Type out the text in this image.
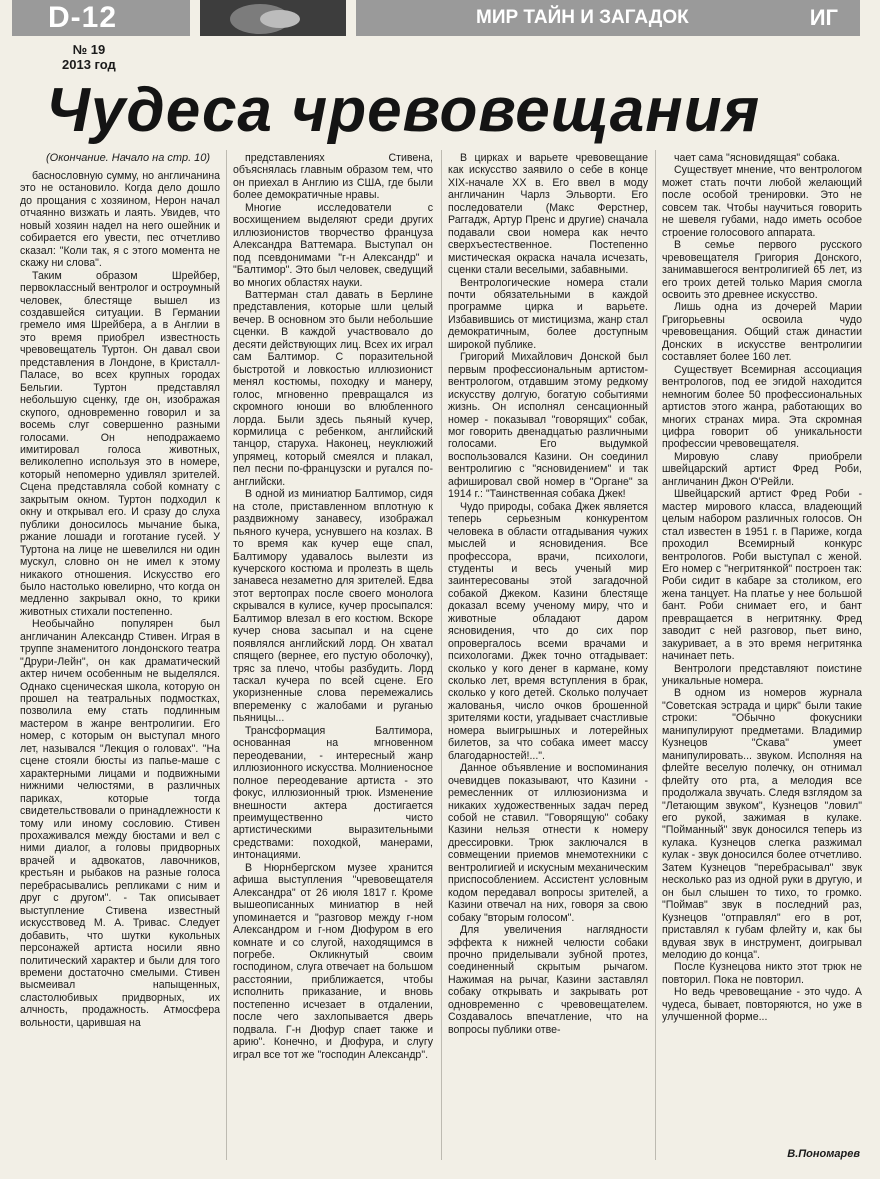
D-12	МИР ТАЙН И ЗАГАДОК	ИГ
№ 19
2013 год
Чудеса чревовещания
(Окончание. Начало на стр. 10)

баснословную сумму, но англичанина это не остановило. Когда дело дошло до прощания с хозяином, Нерон начал отчаянно визжать и лаять. Увидев, что новый хозяин надел на него ошейник и собирается его увести, пес отчетливо сказал: "Коли так, я с этого момента не скажу ни слова".

Таким образом Шрейбер, первоклассный вентролог и остроумный человек, блестяще вышел из создавшейся ситуации. В Германии гремело имя Шрейбера, а в Англии в это время приобрел известность чревовещатель Туртон. Он давал свои представления в Лондоне, в Кристалл-Паласе, во всех крупных городах Бельгии. Туртон представлял небольшую сценку, где он, изображая скупого, одновременно говорил и за восемь слуг совершенно разными голосами. Он неподражаемо имитировал голоса животных, великолепно используя это в номере, который непомерно удивлял зрителей. Сцена представляла собой комнату с закрытым окном. Туртон подходил к окну и открывал его. И сразу до слуха публики доносилось мычание быка, ржание лошади и гоготание гусей. У Туртона на лице не шевелился ни один мускул, словно он не имел к этому никакого отношения. Искусство его было настолько ювелирно, что когда он медленно закрывал окно, то крики животных стихали постепенно.

Необычайно популярен был англичанин Александр Стивен. Играя в труппе знаменитого лондонского театра "Друри-Лейн", он как драматический актер ничем особенным не выделялся. Однако сценическая школа, которую он прошел на театральных подмостках, позволила ему стать подлинным мастером в жанре вентролигии. Его номер, с которым он выступал много лет, назывался "Лекция о головах". "На сцене стояли бюсты из папье-маше с характерными лицами и подвижными нижними челюстями, в различных париках, которые тогда свидетельствовали о принадлежности к тому или иному сословию. Стивен прохаживался между бюстами и вел с ними диалог, а головы придворных врачей и адвокатов, лавочников, крестьян и рыбаков на разные голоса перебрасывались репликами с ним и друг с другом". - Так описывает выступление Стивена известный искусствовед М. А. Тривас. Следует добавить, что шутки кукольных персонажей артиста носили явно политический характер и были для того времени достаточно смелыми. Стивен высмеивал напыщенных, сластолюбивых придворных, их алчность, продажность. Атмосфера вольности, царившая на

представлениях Стивена, объяснялась главным образом тем, что он приехал в Англию из США, где были более демократичные нравы.

Многие исследователи с восхищением выделяют среди других иллюзионистов творчество француза Александра Ваттемара. Выступал он под псевдонимами "г-н Александр" и "Балтимор". Это был человек, сведущий во многих областях науки.

Ваттерман стал давать в Берлине представления, которые шли целый вечер. В основном это были небольшие сценки. В каждой участвовало до десяти действующих лиц. Всех их играл сам Балтимор. С поразительной быстротой и ловкостью иллюзионист менял костюмы, походку и манеру, голос, мгновенно превращался из скромного юноши во влюбленного лорда. Были здесь пьяный кучер, кормилица с ребенком, английский танцор, старуха. Наконец, неуклюжий упрямец, который смеялся и плакал, пел песни по-французски и ругался по-английски.

В одной из миниатюр Балтимор, сидя на столе, приставленном вплотную к раздвижному занавесу, изображал пьяного кучера, уснувшего на козлах. В то время как кучер еще спал, Балтимору удавалось вылезти из кучерского костюма и пролезть в щель занавеса незаметно для зрителей. Едва этот вертопрах после своего монолога скрывался в кулисе, кучер просыпался: Балтимор влезал в его костюм. Вскоре кучер снова засыпал и на сцене появлялся английский лорд. Он хватал спящего (вернее, его пустую оболочку), тряс за плечо, чтобы разбудить. Лорд таскал кучера по всей сцене. Его укоризненные слова перемежались впеременку с жалобами и руганью пьяницы...

Трансформация Балтимора, основанная на мгновенном переодевании, - интересный жанр иллюзионного искусства. Молниеносное полное переодевание артиста - это фокус, иллюзионный трюк. Изменение внешности актера достигается преимущественно чисто артистическими выразительными средствами: походкой, манерами, интонациями.

В Нюрнбергском музее хранится афиша выступления "чревовещателя Александра" от 26 июля 1817 г. Кроме вышеописанных миниатюр в ней упоминается и "разговор между г-ном Александром и г-ном Дюфуром в его комнате и со слугой, находящимся в погребе. Окликнутый своим господином, слуга отвечает на большом расстоянии, приближается, чтобы исполнить приказание, и вновь постепенно исчезает в отдалении, после чего захлопывается дверь подвала. Г-н Дюфур спает также и арию". Конечно, и Дюфура, и слугу играл все тот же "господин Александр".

В цирках и варьете чревовещание как искусство заявило о себе в конце XIX-начале XX в. Его ввел в моду англичанин Чарлз Эльворти. Его последователи (Макс Ферстнер, Раггадж, Артур Пренс и другие) сначала подавали свои номера как нечто сверхъестественное. Постепенно мистическая окраска начала исчезать, сценки стали веселыми, забавными.

Вентрологические номера стали почти обязательными в каждой программе цирка и варьете. Избавившись от мистицизма, жанр стал демократичным, более доступным широкой публике.

Григорий Михайлович Донской был первым профессиональным артистом-вентрологом, отдавшим этому редкому искусству долгую, богатую событиями жизнь. Он исполнял сенсационный номер - показывал "говорящих" собак, мог говорить двенадцатью различными голосами. Его выдумкой воспользовался Казини. Он соединил вентролигию с "ясновидением" и так афишировал свой номер в "Органе" за 1914 г.: "Таинственная собака Джек!

Чудо природы, собака Джек является теперь серьезным конкурентом человека в области отгадывания чужих мыслей и ясновидения. Все профессора, врачи, психологи, студенты и весь ученый мир заинтересованы этой загадочной собакой Джеком. Казини блестяще доказал всему ученому миру, что и животные обладают даром ясновидения, что до сих пор опровергалось всеми врачами и психологами. Джек точно отгадывает: сколько у кого денег в кармане, кому сколько лет, время вступления в брак, сколько у кого детей. Сколько получает жалованья, число очков брошенной зрителями кости, угадывает счастливые номера выигрышных и лотерейных билетов, за что собака имеет массу благодарностей!...".

Данное объявление и воспоминания очевидцев показывают, что Казини - ремесленник от иллюзионизма и никаких художественных задач перед собой не ставил. "Говорящую" собаку Казини нельзя отнести к номеру дрессировки. Трюк заключался в совмещении приемов мнемотехники с вентролигией и искусным механическим приспособлением. Ассистент условным кодом передавал вопросы зрителей, а Казини отвечал на них, говоря за свою собаку "вторым голосом".

Для увеличения наглядности эффекта к нижней челюсти собаки прочно приделывали зубной протез, соединенный скрытым рычагом. Нажимая на рычаг, Казини заставлял собаку открывать и закрывать рот одновременно с чревовещателем. Создавалось впечатление, что на вопросы публики отве-

чает сама "ясновидящая" собака.

Существует мнение, что вентрологом может стать почти любой желающий после особой тренировки. Это не совсем так. Чтобы научиться говорить не шевеля губами, надо иметь особое строение голосового аппарата.

В семье первого русского чревовещателя Григория Донского, занимавшегося вентролигией 65 лет, из его троих детей только Мария смогла освоить это древнее искусство.

Лишь одна из дочерей Марии Григорьевны освоила чудо чревовещания. Общий стаж династии Донских в искусстве вентролигии составляет более 160 лет.

Существует Всемирная ассоциация вентрологов, под ее эгидой находится немногим более 50 профессиональных артистов этого жанра, работающих во многих странах мира. Эта скромная цифра говорит об уникальности профессии чревовещателя.

Мировую славу приобрели швейцарский артист Фред Роби, англичанин Джон О'Рейли.

Швейцарский артист Фред Роби - мастер мирового класса, владеющий целым набором различных голосов. Он стал известен в 1951 г. в Париже, когда проходил Всемирный конкурс вентрологов. Роби выступал с женой. Его номер с "негритянкой" построен так: Роби сидит в кабаре за столиком, его жена танцует. На платье у нее большой бант. Роби снимает его, и бант превращается в негритянку. Фред заводит с ней разговор, пьет вино, закуривает, а в это время негритянка начинает петь.

Вентрологи представляют поистине уникальные номера.

В одном из номеров журнала "Советская эстрада и цирк" были такие строки: "Обычно фокусники манипулируют предметами. Владимир Кузнецов "Скава" умеет манипулировать... звуком. Исполняя на флейте веселую полечку, он отнимал флейту ото рта, а мелодия все продолжала звучать. Следя взглядом за "Летающим звуком", Кузнецов "ловил" его рукой, зажимая в кулаке. "Пойманный" звук доносился теперь из кулака. Кузнецов слегка разжимал кулак - звук доносился более отчетливо. Затем Кузнецов "перебрасывал" звук несколько раз из одной руки в другую, и он был слышен то тихо, то громко. "Поймав" звук в последний раз, Кузнецов "отправлял" его в рот, приставлял к губам флейту и, как бы вдувая звук в инструмент, доигрывал мелодию до конца".

После Кузнецова никто этот трюк не повторил. Пока не повторил.

Но ведь чревовещание - это чудо. А чудеса, бывает, повторяются, но уже в улучшенной форме...

В.Пономарев
